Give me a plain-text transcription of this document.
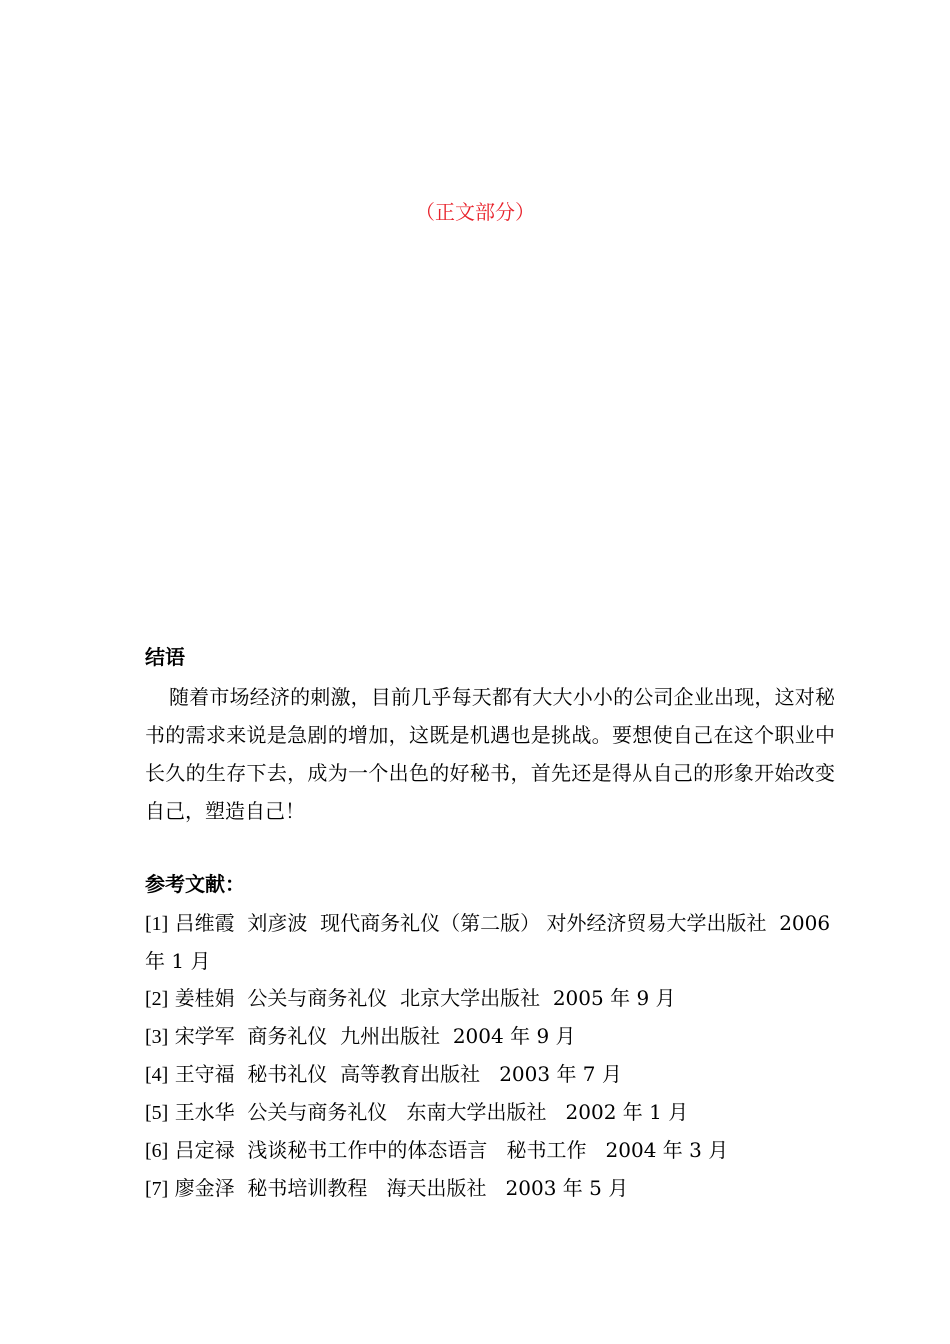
（正文部分）
结语

随着市场经济的刺激，目前几乎每天都有大大小小的公司企业出现，这对秘书的需求来说是急剧的增加，这既是机遇也是挑战。要想使自己在这个职业中长久的生存下去，成为一个出色的好秘书，首先还是得从自己的形象开始改变自己，塑造自己！

参考文献：
[1] 吕维霞  刘彦波  现代商务礼仪（第二版） 对外经济贸易大学出版社  2006 年 1 月
[2] 姜桂娟  公关与商务礼仪  北京大学出版社  2005 年 9 月
[3] 宋学军  商务礼仪  九州出版社  2004 年 9 月
[4] 王守福  秘书礼仪  高等教育出版社   2003 年 7 月
[5] 王水华  公关与商务礼仪   东南大学出版社   2002 年 1 月
[6] 吕定禄  浅谈秘书工作中的体态语言   秘书工作   2004 年 3 月
[7] 廖金泽  秘书培训教程   海天出版社   2003 年 5 月
